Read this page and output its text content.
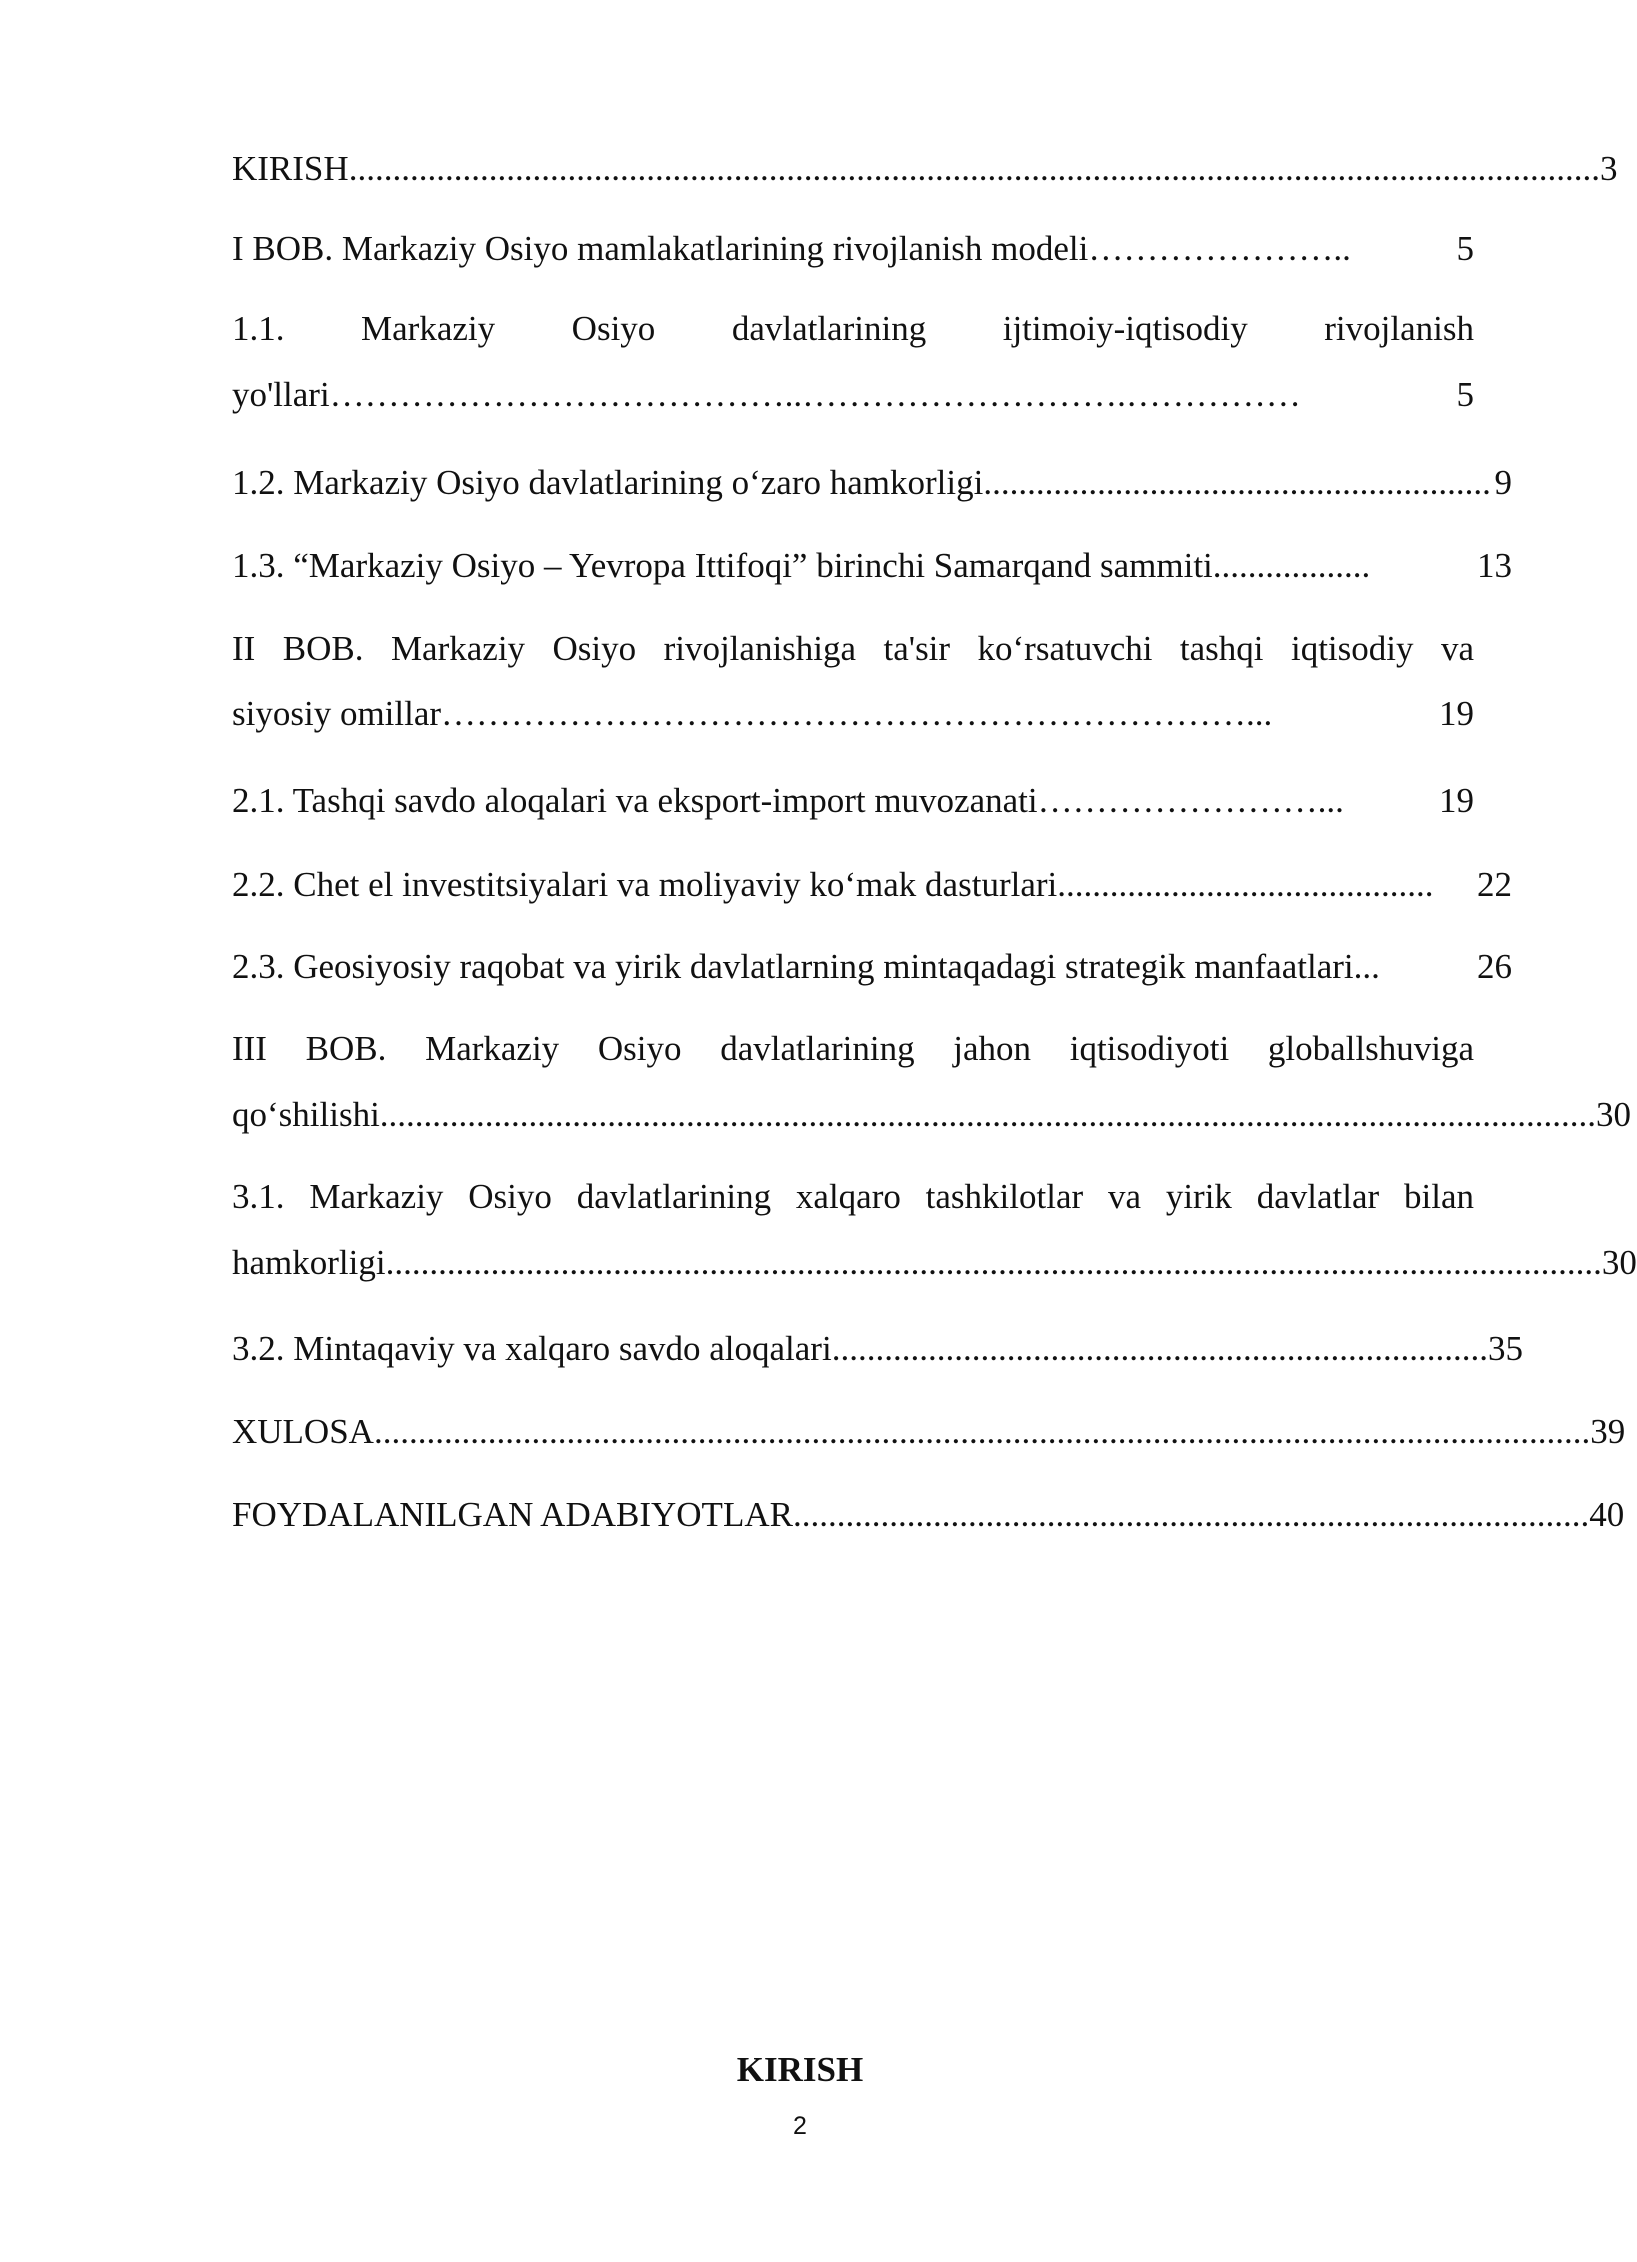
KIRISH ............................................................................................................................................... 3
I BOB. Markaziy Osiyo mamlakatlarining rivojlanish modeli …………………..	5
1.1. Markaziy Osiyo davlatlarining ijtimoiy-iqtisodiy rivojlanish
yo'llari …………………………………..……………………….……………	5
1.2. Markaziy Osiyo davlatlarining o‘zaro hamkorligi .......................................................... 9
1.3. “Markaziy Osiyo – Yevropa Ittifoqi” birinchi Samarqand sammiti ..................	13
II BOB. Markaziy Osiyo rivojlanishiga ta'sir ko‘rsatuvchi tashqi iqtisodiy va
siyosiy omillar ……………………………………………………………...	19
2.1. Tashqi savdo aloqalari va eksport-import muvozanati ……………………...	19
2.2. Chet el investitsiyalari va moliyaviy ko‘mak dasturlari ...........................................	22
2.3. Geosiyosiy raqobat va yirik davlatlarning mintaqadagi strategik manfaatlari ...	26
III BOB. Markaziy Osiyo davlatlarining jahon iqtisodiyoti globallshuviga
qo‘shilishi ........................................................................................................................................... 30
3.1. Markaziy Osiyo davlatlarining xalqaro tashkilotlar va yirik davlatlar bilan
hamkorligi ........................................................................................................................................... 30
3.2. Mintaqaviy va xalqaro savdo aloqalari ........................................................................... 35
XULOSA ........................................................................................................................................... 39
FOYDALANILGAN ADABIYOTLAR ........................................................................................... 40
KIRISH
2
